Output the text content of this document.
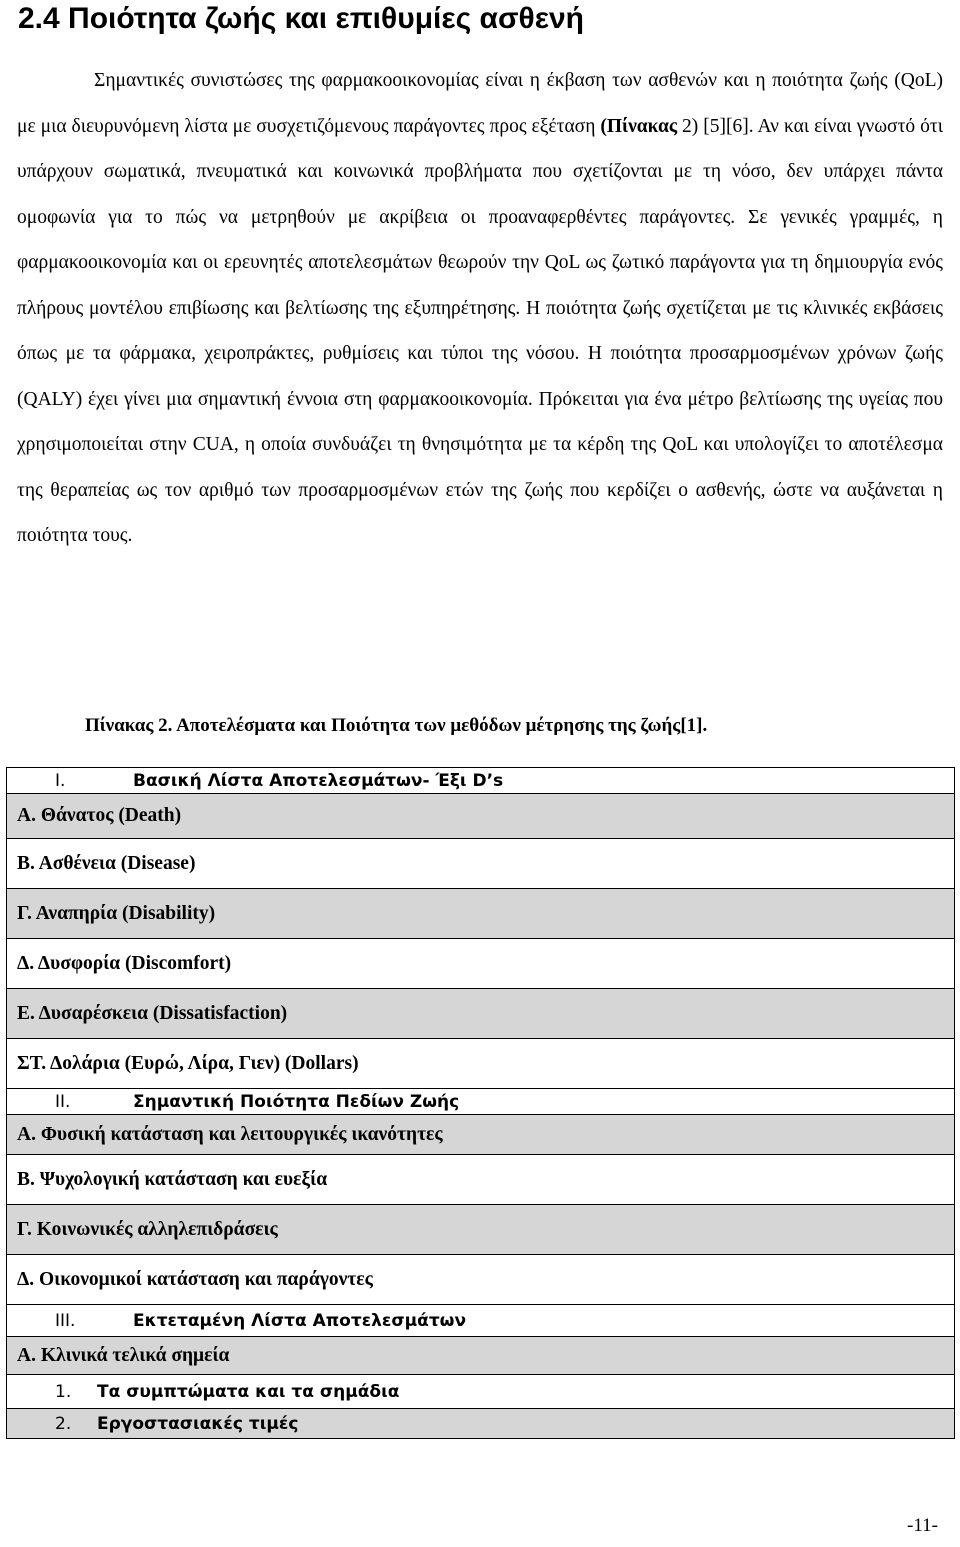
2.4 Ποιότητα ζωής και επιθυμίες ασθενή

Σημαντικές συνιστώσες της φαρμακοοικονομίας είναι η έκβαση των ασθενών και η ποιότητα ζωής (QoL) με μια διευρυνόμενη λίστα με συσχετιζόμενους παράγοντες προς εξέταση (Πίνακας 2) [5][6]. Αν και είναι γνωστό ότι υπάρχουν σωματικά, πνευματικά και κοινωνικά προβλήματα που σχετίζονται με τη νόσο, δεν υπάρχει πάντα ομοφωνία για το πώς να μετρηθούν με ακρίβεια οι προαναφερθέντες παράγοντες. Σε γενικές γραμμές, η φαρμακοοικονομία και οι ερευνητές αποτελεσμάτων θεωρούν την QoL ως ζωτικό παράγοντα για τη δημιουργία ενός πλήρους μοντέλου επιβίωσης και βελτίωσης της εξυπηρέτησης. Η ποιότητα ζωής σχετίζεται με τις κλινικές εκβάσεις όπως με τα φάρμακα, χειροπράκτες, ρυθμίσεις και τύποι της νόσου. Η ποιότητα προσαρμοσμένων χρόνων ζωής (QALY) έχει γίνει μια σημαντική έννοια στη φαρμακοοικονομία. Πρόκειται για ένα μέτρο βελτίωσης της υγείας που χρησιμοποιείται στην CUA, η οποία συνδυάζει τη θνησιμότητα με τα κέρδη της QoL και υπολογίζει το αποτέλεσμα της θεραπείας ως τον αριθμό των προσαρμοσμένων ετών της ζωής που κερδίζει ο ασθενής, ώστε να αυξάνεται η ποιότητα τους.

Πίνακας 2. Αποτελέσματα και Ποιότητα των μεθόδων μέτρησης της ζωής[1].

I.	Βασική Λίστα Αποτελεσμάτων- Έξι D’s
Α. Θάνατος (Death)
Β. Ασθένεια (Disease)
Γ. Αναπηρία (Disability)
Δ. Δυσφορία (Discomfort)
Ε. Δυσαρέσκεια (Dissatisfaction)
ΣΤ. Δολάρια (Ευρώ, Λίρα, Γιεν) (Dollars)
II.	Σημαντική Ποιότητα Πεδίων Ζωής
Α. Φυσική κατάσταση και λειτουργικές ικανότητες
Β. Ψυχολογική κατάσταση και ευεξία
Γ. Κοινωνικές αλληλεπιδράσεις
Δ. Οικονομικοί κατάσταση και παράγοντες
III.	Εκτεταμένη Λίστα Αποτελεσμάτων
Α. Κλινικά τελικά σημεία
1. Τα συμπτώματα και τα σημάδια
2. Εργοστασιακές τιμές

-11-
